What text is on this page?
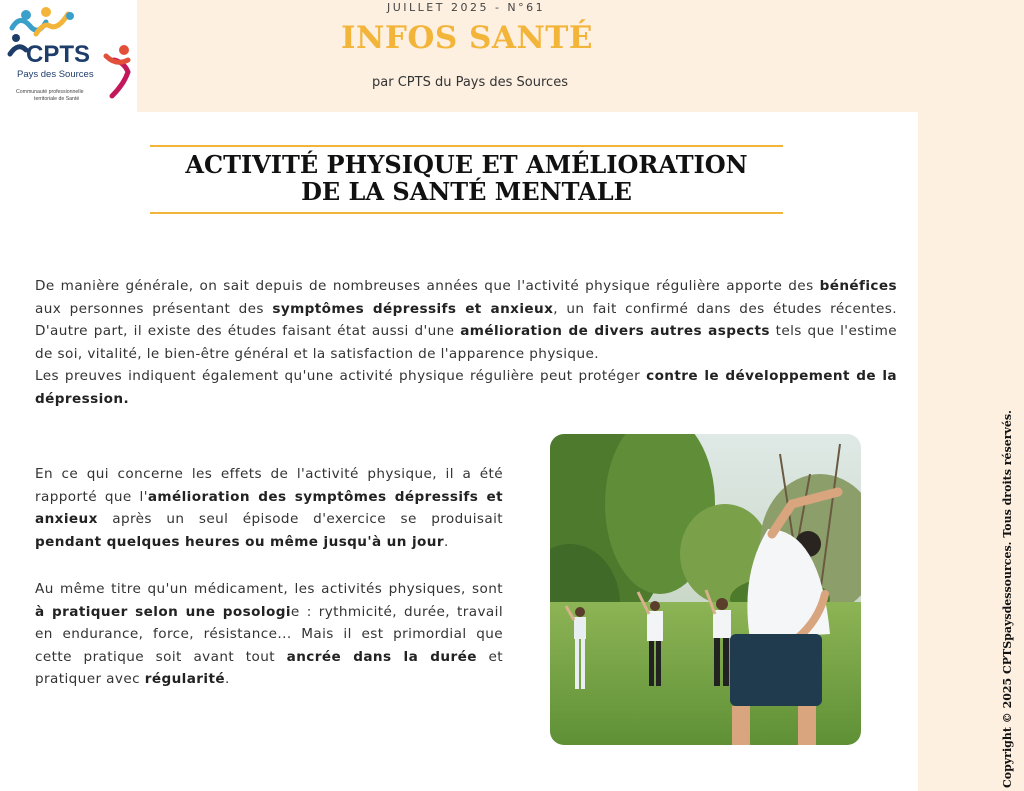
CPTS
Pays des Sources
Communauté professionnelle
territoriale de Santé
JUILLET 2025 - N°61
INFOS SANTÉ
par CPTS du Pays des Sources
ACTIVITÉ PHYSIQUE ET AMÉLIORATION
DE LA SANTÉ MENTALE
De manière générale, on sait depuis de nombreuses années que l'activité physique régulière apporte des bénéfices aux personnes présentant des symptômes dépressifs et anxieux, un fait confirmé dans des études récentes. D'autre part, il existe des études faisant état aussi d'une amélioration de divers autres aspects tels que l'estime de soi, vitalité, le bien-être général et la satisfaction de l'apparence physique.
Les preuves indiquent également qu'une activité physique régulière peut protéger contre le développement de la dépression.
En ce qui concerne les effets de l'activité physique, il a été rapporté que l'amélioration des symptômes dépressifs et anxieux après un seul épisode d'exercice se produisait pendant quelques heures ou même jusqu'à un jour.
Au même titre qu'un médicament, les activités physiques, sont à pratiquer selon une posologie : rythmicité, durée, travail en endurance, force, résistance... Mais il est primordial que cette pratique soit avant tout ancrée dans la durée et pratiquer avec régularité.	Copyright © 2025 CPTSpaysdessources. Tous droits réservés.
